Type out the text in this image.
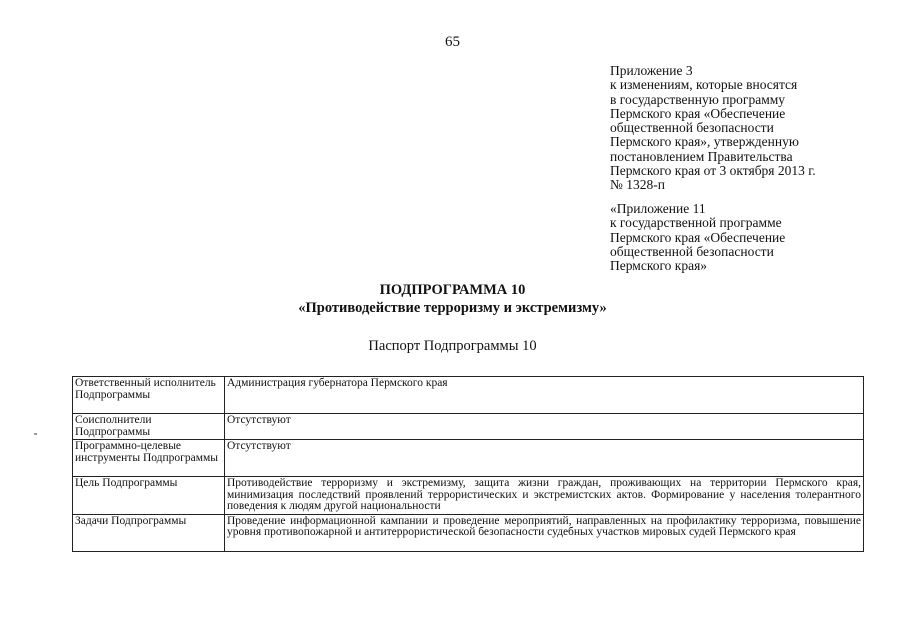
65
Приложение 3
к изменениям, которые вносятся
в государственную программу
Пермского края «Обеспечение
общественной безопасности
Пермского края», утвержденную
постановлением Правительства
Пермского края от 3 октября 2013 г.
№ 1328-п
«Приложение 11
к государственной программе
Пермского края «Обеспечение
общественной безопасности
Пермского края»
ПОДПРОГРАММА 10
«Противодействие терроризму и экстремизму»
Паспорт Подпрограммы 10
Ответственный исполнитель Подпрограммы	Администрация губернатора Пермского края
Соисполнители Подпрограммы	Отсутствуют
Программно-целевые инструменты Подпрограммы	Отсутствуют
Цель Подпрограммы	Противодействие терроризму и экстремизму, защита жизни граждан, проживающих на территории Пермского края, минимизация последствий проявлений террористических и экстремистских актов. Формирование у населения толерантного поведения к людям другой национальности
Задачи Подпрограммы	Проведение информационной кампании и проведение мероприятий, направленных на профилактику терроризма, повышение уровня противопожарной и антитеррористической безопасности судебных участков мировых судей Пермского края
